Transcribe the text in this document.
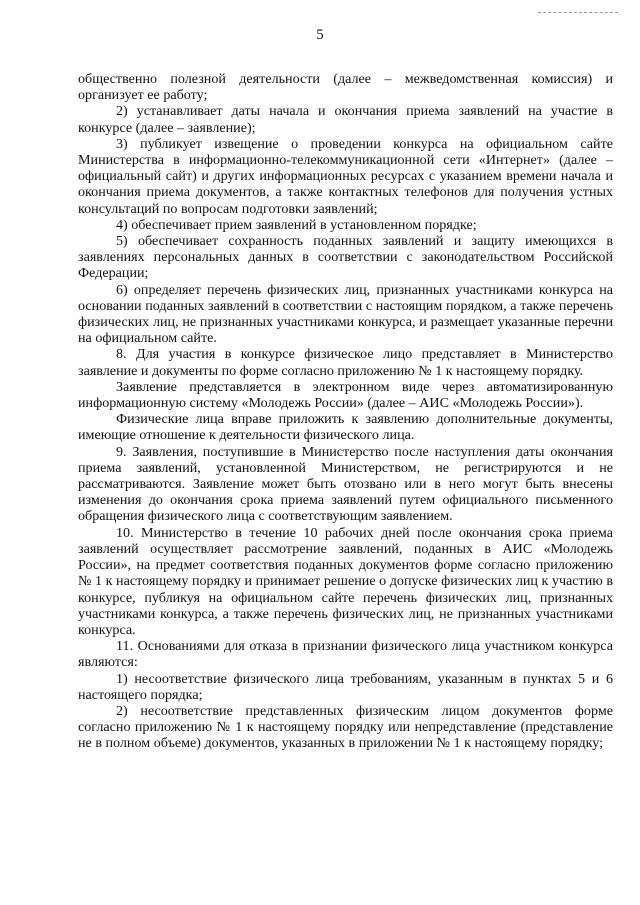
5

общественно полезной деятельности (далее – межведомственная комиссия) и организует ее работу;

2) устанавливает даты начала и окончания приема заявлений на участие в конкурсе (далее – заявление);

3) публикует извещение о проведении конкурса на официальном сайте Министерства в информационно-телекоммуникационной сети «Интернет» (далее – официальный сайт) и других информационных ресурсах с указанием времени начала и окончания приема документов, а также контактных телефонов для получения устных консультаций по вопросам подготовки заявлений;

4) обеспечивает прием заявлений в установленном порядке;

5) обеспечивает сохранность поданных заявлений и защиту имеющихся в заявлениях персональных данных в соответствии с законодательством Российской Федерации;

6) определяет перечень физических лиц, признанных участниками конкурса на основании поданных заявлений в соответствии с настоящим порядком, а также перечень физических лиц, не признанных участниками конкурса, и размещает указанные перечни на официальном сайте.

8. Для участия в конкурсе физическое лицо представляет в Министерство заявление и документы по форме согласно приложению № 1 к настоящему порядку.

Заявление представляется в электронном виде через автоматизированную информационную систему «Молодежь России» (далее – АИС «Молодежь России»).

Физические лица вправе приложить к заявлению дополнительные документы, имеющие отношение к деятельности физического лица.

9. Заявления, поступившие в Министерство после наступления даты окончания приема заявлений, установленной Министерством, не регистрируются и не рассматриваются. Заявление может быть отозвано или в него могут быть внесены изменения до окончания срока приема заявлений путем официального письменного обращения физического лица с соответствующим заявлением.

10. Министерство в течение 10 рабочих дней после окончания срока приема заявлений осуществляет рассмотрение заявлений, поданных в АИС «Молодежь России», на предмет соответствия поданных документов форме согласно приложению № 1 к настоящему порядку и принимает решение о допуске физических лиц к участию в конкурсе, публикуя на официальном сайте перечень физических лиц, признанных участниками конкурса, а также перечень физических лиц, не признанных участниками конкурса.

11. Основаниями для отказа в признании физического лица участником конкурса являются:

1) несоответствие физического лица требованиям, указанным в пунктах 5 и 6 настоящего порядка;

2) несоответствие представленных физическим лицом документов форме согласно приложению № 1 к настоящему порядку или непредставление (представление не в полном объеме) документов, указанных в приложении № 1 к настоящему порядку;
